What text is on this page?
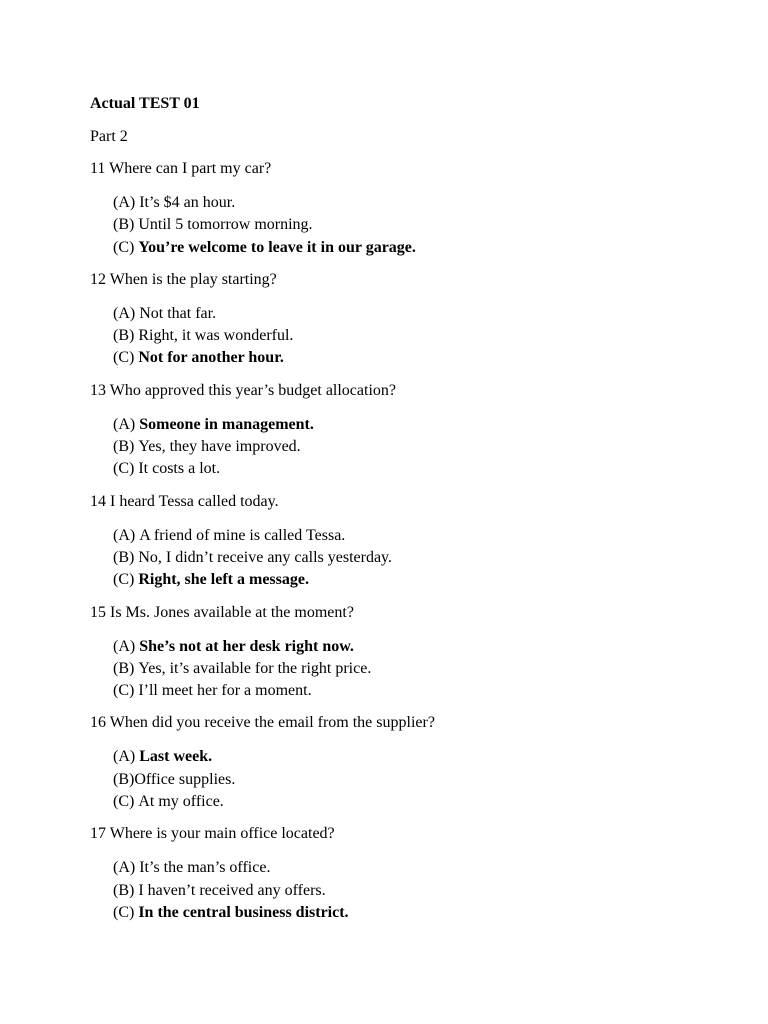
Actual TEST 01
Part 2
11 Where can I part my car?
(A) It’s $4 an hour.
(B) Until 5 tomorrow morning.
(C) You’re welcome to leave it in our garage.
12 When is the play starting?
(A) Not that far.
(B) Right, it was wonderful.
(C) Not for another hour.
13 Who approved this year’s budget allocation?
(A) Someone in management.
(B) Yes, they have improved.
(C) It costs a lot.
14 I heard Tessa called today.
(A) A friend of mine is called Tessa.
(B) No, I didn’t receive any calls yesterday.
(C) Right, she left a message.
15 Is Ms. Jones available at the moment?
(A) She’s not at her desk right now.
(B) Yes, it’s available for the right price.
(C) I’ll meet her for a moment.
16 When did you receive the email from the supplier?
(A) Last week.
(B)Office supplies.
(C) At my office.
17 Where is your main office located?
(A) It’s the man’s office.
(B) I haven’t received any offers.
(C) In the central business district.
